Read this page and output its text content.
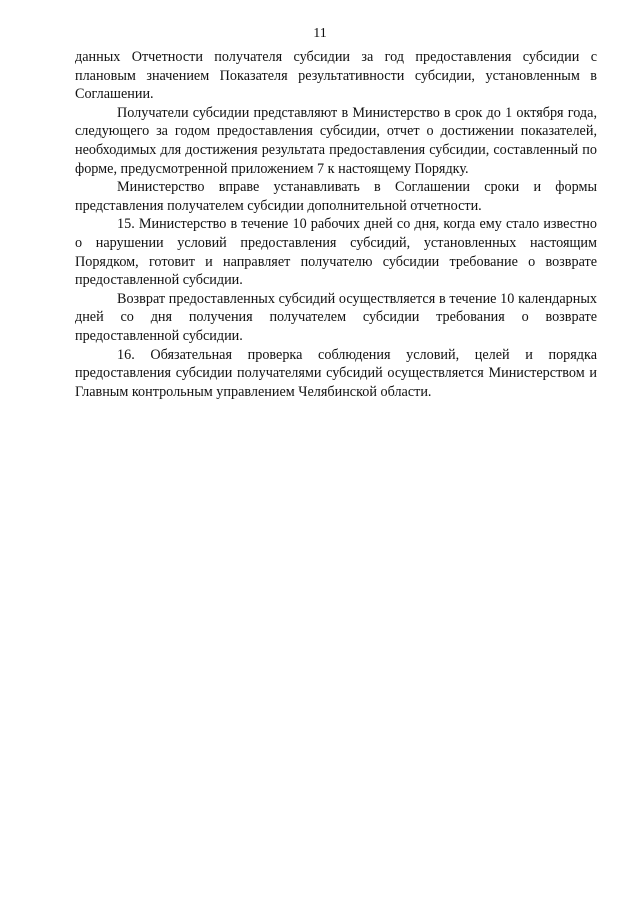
11

данных Отчетности получателя субсидии за год предоставления субсидии с плановым значением Показателя результативности субсидии, установленным в Соглашении.

Получатели субсидии представляют в Министерство в срок до 1 октября года, следующего за годом предоставления субсидии, отчет о достижении показателей, необходимых для достижения результата предоставления субсидии, составленный по форме, предусмотренной приложением 7 к настоящему Порядку.

Министерство вправе устанавливать в Соглашении сроки и формы представления получателем субсидии дополнительной отчетности.

15. Министерство в течение 10 рабочих дней со дня, когда ему стало известно о нарушении условий предоставления субсидий, установленных настоящим Порядком, готовит и направляет получателю субсидии требование о возврате предоставленной субсидии.

Возврат предоставленных субсидий осуществляется в течение 10 календарных дней со дня получения получателем субсидии требования о возврате предоставленной субсидии.

16. Обязательная проверка соблюдения условий, целей и порядка предоставления субсидии получателями субсидий осуществляется Министерством и Главным контрольным управлением Челябинской области.
